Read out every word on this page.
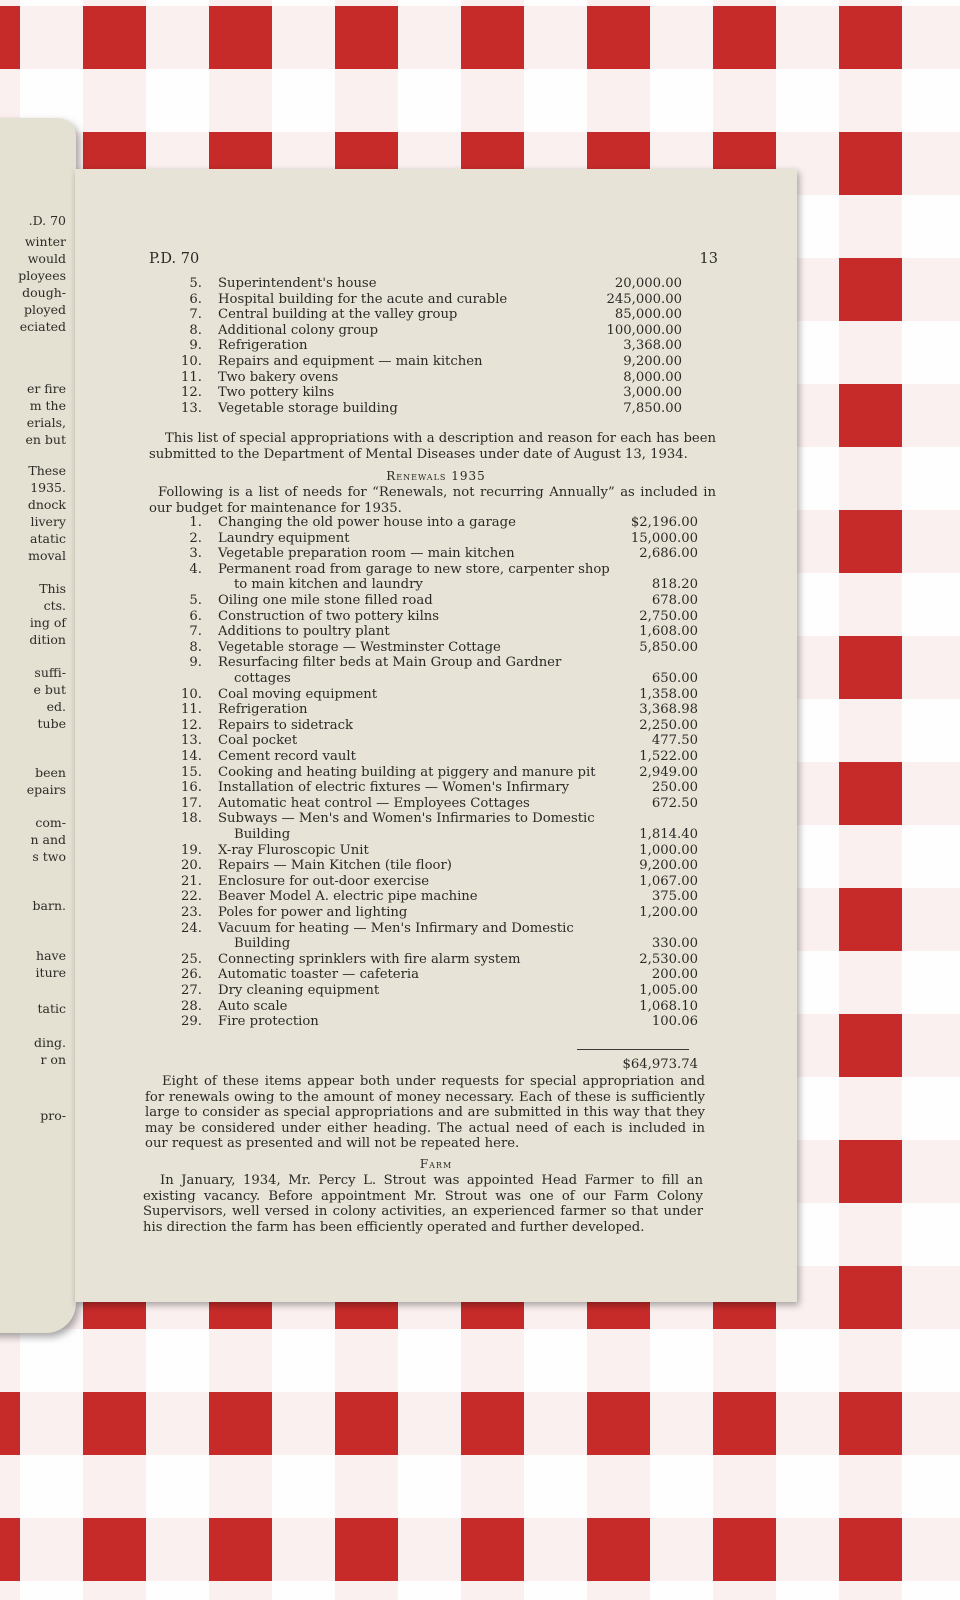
.D. 70
winter
would
ployees
dough-
ployed
eciated
er fire
m the
erials,
en but
These
1935.
dnock
livery
atatic
moval
This
cts.
ing of
dition
suffi-
e but
ed.
tube
been
epairs
com-
n and
s two
barn.
have
iture
tatic
ding.
r on
pro-
P.D. 70	13
5. Superintendent's house	20,000.00
6. Hospital building for the acute and curable	245,000.00
7. Central building at the valley group	85,000.00
8. Additional colony group	100,000.00
9. Refrigeration	3,368.00
10. Repairs and equipment — main kitchen	9,200.00
11. Two bakery ovens	8,000.00
12. Two pottery kilns	3,000.00
13. Vegetable storage building	7,850.00
This list of special appropriations with a description and reason for each has been
submitted to the Department of Mental Diseases under date of August 13, 1934.
Renewals 1935
Following is a list of needs for “Renewals, not recurring Annually” as included in
our budget for maintenance for 1935.
1. Changing the old power house into a garage	$2,196.00
2. Laundry equipment	15,000.00
3. Vegetable preparation room — main kitchen	2,686.00
4. Permanent road from garage to new store, carpenter shop
to main kitchen and laundry	818.20
5. Oiling one mile stone filled road	678.00
6. Construction of two pottery kilns	2,750.00
7. Additions to poultry plant	1,608.00
8. Vegetable storage — Westminster Cottage	5,850.00
9. Resurfacing filter beds at Main Group and Gardner
cottages	650.00
10. Coal moving equipment	1,358.00
11. Refrigeration	3,368.98
12. Repairs to sidetrack	2,250.00
13. Coal pocket	477.50
14. Cement record vault	1,522.00
15. Cooking and heating building at piggery and manure pit	2,949.00
16. Installation of electric fixtures — Women's Infirmary	250.00
17. Automatic heat control — Employees Cottages	672.50
18. Subways — Men's and Women's Infirmaries to Domestic
Building	1,814.40
19. X-ray Fluroscopic Unit	1,000.00
20. Repairs — Main Kitchen (tile floor)	9,200.00
21. Enclosure for out-door exercise	1,067.00
22. Beaver Model A. electric pipe machine	375.00
23. Poles for power and lighting	1,200.00
24. Vacuum for heating — Men's Infirmary and Domestic
Building	330.00
25. Connecting sprinklers with fire alarm system	2,530.00
26. Automatic toaster — cafeteria	200.00
27. Dry cleaning equipment	1,005.00
28. Auto scale	1,068.10
29. Fire protection	100.06
$64,973.74
Eight of these items appear both under requests for special appropriation and
for renewals owing to the amount of money necessary. Each of these is sufficiently
large to consider as special appropriations and are submitted in this way that they
may be considered under either heading. The actual need of each is included in
our request as presented and will not be repeated here.
Farm
In January, 1934, Mr. Percy L. Strout was appointed Head Farmer to fill an
existing vacancy. Before appointment Mr. Strout was one of our Farm Colony
Supervisors, well versed in colony activities, an experienced farmer so that under
his direction the farm has been efficiently operated and further developed.
